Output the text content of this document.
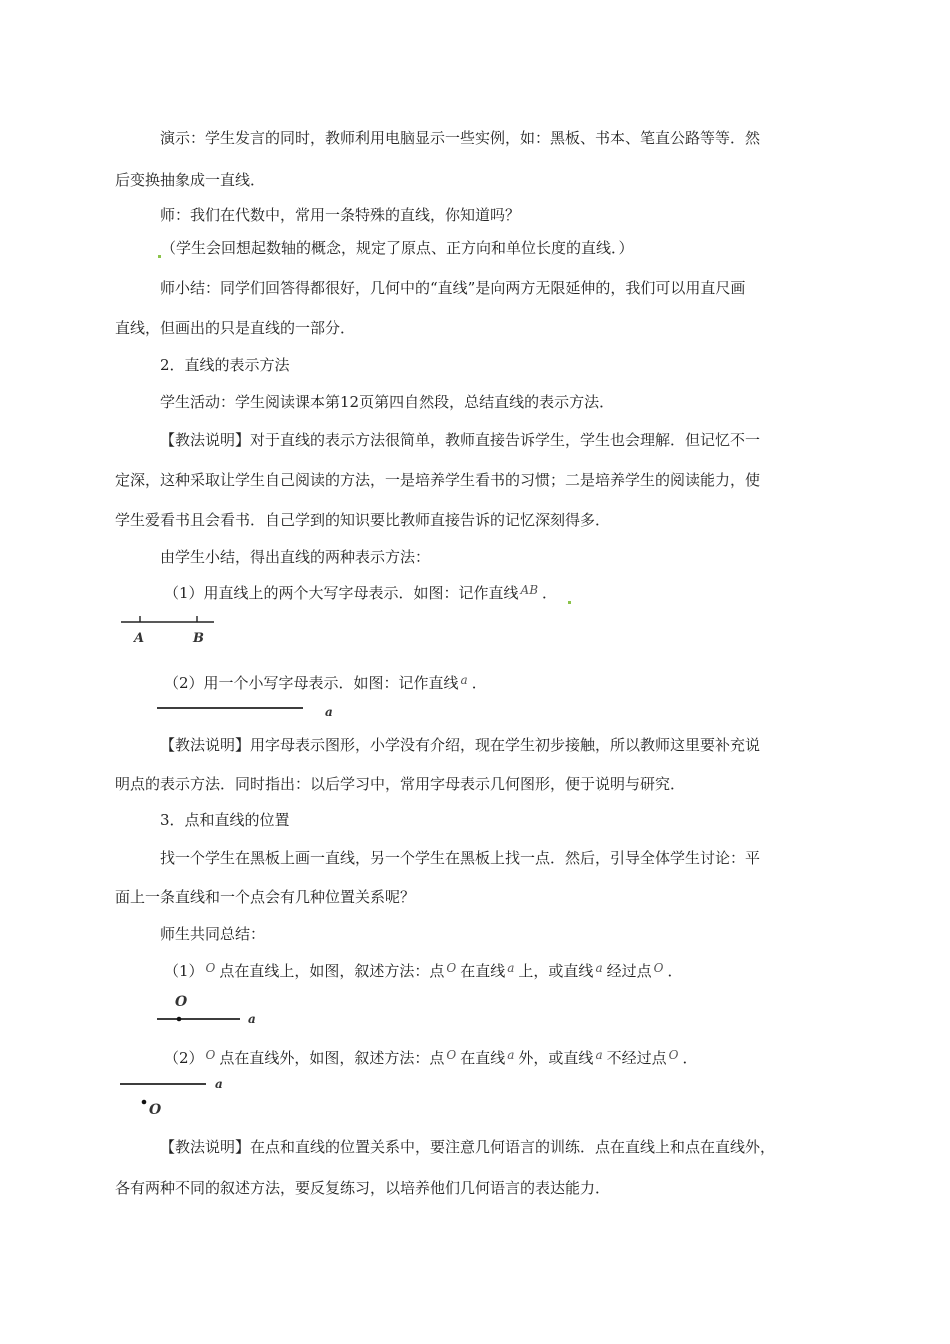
演示：学生发言的同时，教师利用电脑显示一些实例，如：黑板、书本、笔直公路等等．然
后变换抽象成一直线．
师：我们在代数中，常用一条特殊的直线，你知道吗？
（学生会回想起数轴的概念，规定了原点、正方向和单位长度的直线．）
师小结：同学们回答得都很好，几何中的“直线”是向两方无限延伸的，我们可以用直尺画
直线，但画出的只是直线的一部分．
2．直线的表示方法
学生活动：学生阅读课本第12页第四自然段，总结直线的表示方法．
【教法说明】对于直线的表示方法很简单，教师直接告诉学生，学生也会理解．但记忆不一
定深，这种采取让学生自己阅读的方法，一是培养学生看书的习惯；二是培养学生的阅读能力，使
学生爱看书且会看书．自己学到的知识要比教师直接告诉的记忆深刻得多．
由学生小结，得出直线的两种表示方法：
（1）用直线上的两个大写字母表示．如图：记作直线 $^{AB}$ ．
A	B
（2）用一个小写字母表示．如图：记作直线 $^a$ ．
a
【教法说明】用字母表示图形，小学没有介绍，现在学生初步接触，所以教师这里要补充说
明点的表示方法．同时指出：以后学习中，常用字母表示几何图形，便于说明与研究．
3．点和直线的位置
找一个学生在黑板上画一直线，另一个学生在黑板上找一点．然后，引导全体学生讨论：平
面上一条直线和一个点会有几种位置关系呢？
师生共同总结：
（1） $^O$ 点在直线上，如图，叙述方法：点 $^O$ 在直线 $^a$ 上，或直线 $^a$ 经过点 $^O$ ．
O
a
（2） $^O$ 点在直线外，如图，叙述方法：点 $^O$ 在直线 $^a$ 外，或直线 $^a$ 不经过点 $^O$ ．
a
O
【教法说明】在点和直线的位置关系中，要注意几何语言的训练．点在直线上和点在直线外，
各有两种不同的叙述方法，要反复练习，以培养他们几何语言的表达能力．
